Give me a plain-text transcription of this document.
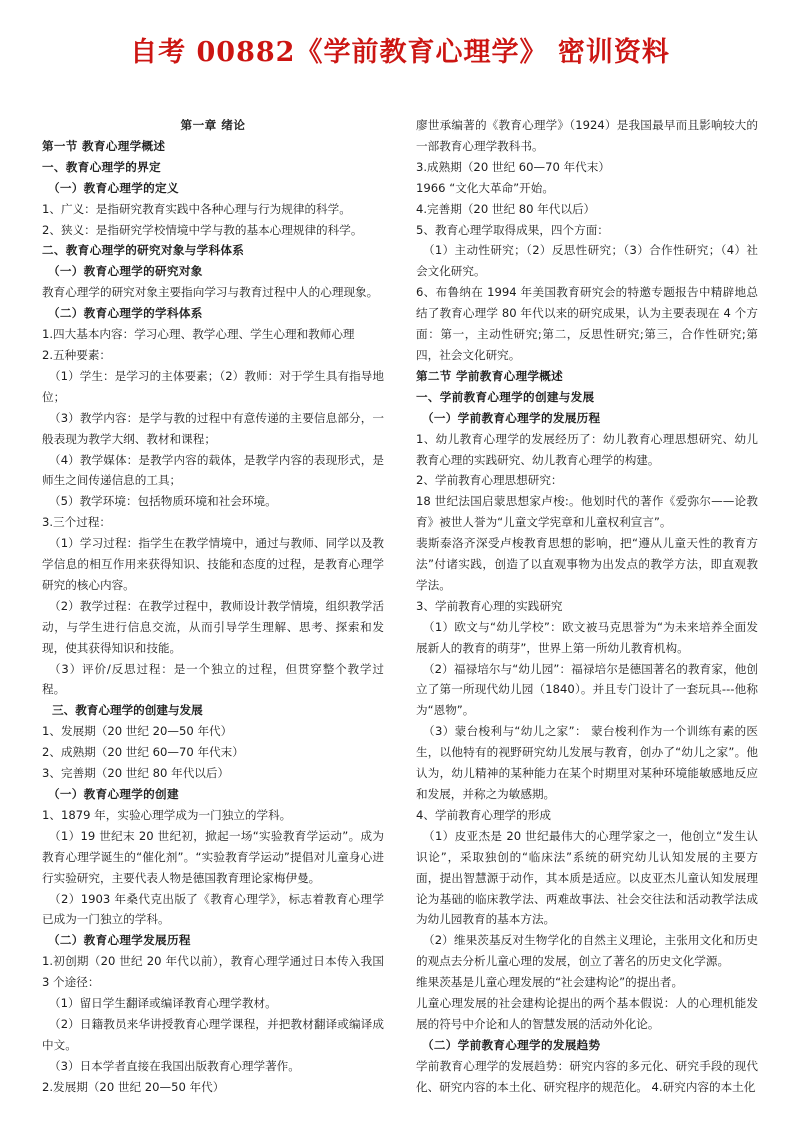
自考 00882《学前教育心理学》 密训资料

第一章 绪论

第一节 教育心理学概述

一、教育心理学的界定

（一）教育心理学的定义

1、广义：是指研究教育实践中各种心理与行为规律的科学。

2、狭义：是指研究学校情境中学与教的基本心理规律的科学。

二、教育心理学的研究对象与学科体系

（一）教育心理学的研究对象

教育心理学的研究对象主要指向学习与教育过程中人的心理现象。

（二）教育心理学的学科体系

1.四大基本内容：学习心理、教学心理、学生心理和教师心理

2.五种要素：

（1）学生：是学习的主体要素；（2）教师：对于学生具有指导地位；

（3）教学内容：是学与教的过程中有意传递的主要信息部分，一般表现为教学大纲、教材和课程；

（4）教学媒体：是教学内容的载体，是教学内容的表现形式，是师生之间传递信息的工具；

（5）教学环境：包括物质环境和社会环境。

3.三个过程：

（1）学习过程：指学生在教学情境中，通过与教师、同学以及教学信息的相互作用来获得知识、技能和态度的过程，是教育心理学研究的核心内容。

（2）教学过程：在教学过程中，教师设计教学情境，组织教学活动，与学生进行信息交流，从而引导学生理解、思考、探索和发现，使其获得知识和技能。

（3）评价/反思过程：是一个独立的过程，但贯穿整个教学过程。

三、教育心理学的创建与发展

1、发展期（20 世纪 20—50 年代）

2、成熟期（20 世纪 60—70 年代末）

3、完善期（20 世纪 80 年代以后）

（一）教育心理学的创建

1、1879 年，实验心理学成为一门独立的学科。

（1）19 世纪末 20 世纪初，掀起一场“实验教育学运动”。成为教育心理学诞生的“催化剂”。“实验教育学运动”提倡对儿童身心进行实验研究，主要代表人物是德国教育理论家梅伊曼。

（2）1903 年桑代克出版了《教育心理学》，标志着教育心理学已成为一门独立的学科。

（二）教育心理学发展历程

1.初创期（20 世纪 20 年代以前），教育心理学通过日本传入我国 3 个途径：

（1）留日学生翻译或编译教育心理学教材。

（2）日籍教员来华讲授教育心理学课程，并把教材翻译或编译成中文。

（3）日本学者直接在我国出版教育心理学著作。

2.发展期（20 世纪 20—50 年代）

廖世承编著的《教育心理学》（1924）是我国最早而且影响较大的一部教育心理学教科书。

3.成熟期（20 世纪 60—70 年代末）

1966 “文化大革命”开始。

4.完善期（20 世纪 80 年代以后）

5、教育心理学取得成果，四个方面：

（1）主动性研究；（2）反思性研究；（3）合作性研究；（4）社会文化研究。

6、布鲁纳在 1994 年美国教育研究会的特邀专题报告中精辟地总结了教育心理学 80 年代以来的研究成果，认为主要表现在 4 个方面：第一，主动性研究;第二，反思性研究;第三，合作性研究;第四，社会文化研究。

第二节 学前教育心理学概述

一、学前教育心理学的创建与发展

（一）学前教育心理学的发展历程

1、幼儿教育心理学的发展经历了：幼儿教育心理思想研究、幼儿教育心理的实践研究、幼儿教育心理学的构建。

2、学前教育心理思想研究：

18 世纪法国启蒙思想家卢梭:。他划时代的著作《爱弥尔——论教育》被世人誉为“儿童文学宪章和儿童权利宣言”。

裴斯泰洛齐深受卢梭教育思想的影响，把“遵从儿童天性的教育方法”付诸实践，创造了以直观事物为出发点的教学方法，即直观教学法。

3、学前教育心理的实践研究

（1）欧文与“幼儿学校”：欧文被马克思誉为“为未来培养全面发展新人的教育的萌芽”，世界上第一所幼儿教育机构。

（2）福禄培尔与“幼儿园”：福禄培尔是德国著名的教育家，他创立了第一所现代幼儿园（1840）。并且专门设计了一套玩具---他称为“恩物”。

（3）蒙台梭利与“幼儿之家”： 蒙台梭利作为一个训练有素的医生，以他特有的视野研究幼儿发展与教育，创办了“幼儿之家”。他认为，幼儿精神的某种能力在某个时期里对某种环境能敏感地反应和发展，并称之为敏感期。

4、学前教育心理学的形成

（1）皮亚杰是 20 世纪最伟大的心理学家之一，他创立“发生认识论”，采取独创的“临床法”系统的研究幼儿认知发展的主要方面，提出智慧源于动作，其本质是适应。以皮亚杰儿童认知发展理论为基础的临床教学法、两难故事法、社会交往法和活动教学法成为幼儿园教育的基本方法。

（2）维果茨基反对生物学化的自然主义理论，主张用文化和历史的观点去分析儿童心理的发展，创立了著名的历史文化学源。

维果茨基是儿童心理发展的“社会建构论”的提出者。

儿童心理发展的社会建构论提出的两个基本假说：人的心理机能发展的符号中介论和人的智慧发展的活动外化论。

（二）学前教育心理学的发展趋势

学前教育心理学的发展趋势：研究内容的多元化、研究手段的现代化、研究内容的本土化、研究程序的规范化。 4.研究内容的本土化
